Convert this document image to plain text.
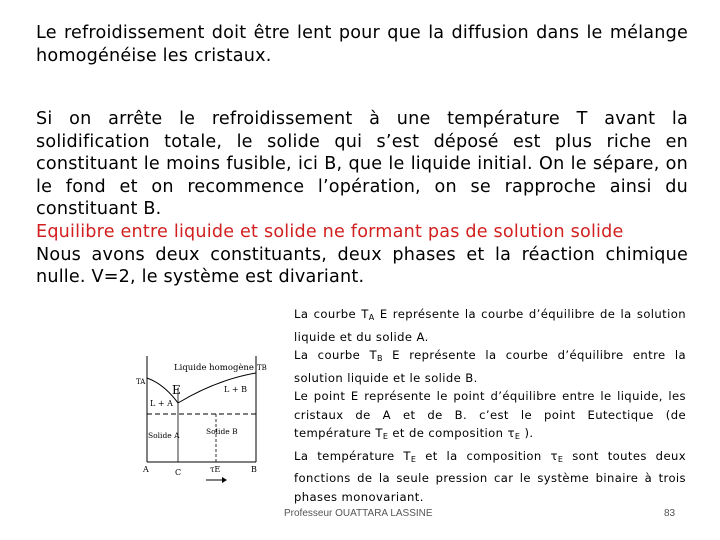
Le refroidissement doit être lent pour que la diffusion dans le mélange homogénéise les cristaux.
Si on arrête le refroidissement à une température T avant la solidification totale, le solide qui s’est déposé est plus riche en constituant le moins fusible, ici B, que le liquide initial. On le sépare, on le fond et on recommence l’opération, on se rapproche ainsi du constituant B.
Equilibre entre liquide et solide ne formant pas de solution solide
Nous avons deux constituants, deux phases et la réaction chimique nulle. V=2, le système est divariant.
Liquide homogène
L + A
E	L + B
Solide A	Solide B
TA
TB
A	C	τE	B
La courbe $T_A$ E représente la courbe d’équilibre de la solution liquide et du solide A.
La courbe $T_B$ E représente la courbe d’équilibre entre la solution liquide et le solide B.
Le point E représente le point d’équilibre entre le liquide, les cristaux de A et de B. c’est le point Eutectique (de température $T_E$ et de composition $\tau_E$ ).
La température $T_E$ et la composition $\tau_E$ sont toutes deux fonctions de la seule pression car le système binaire à trois phases monovariant.
Professeur OUATTARA LASSINE	83
